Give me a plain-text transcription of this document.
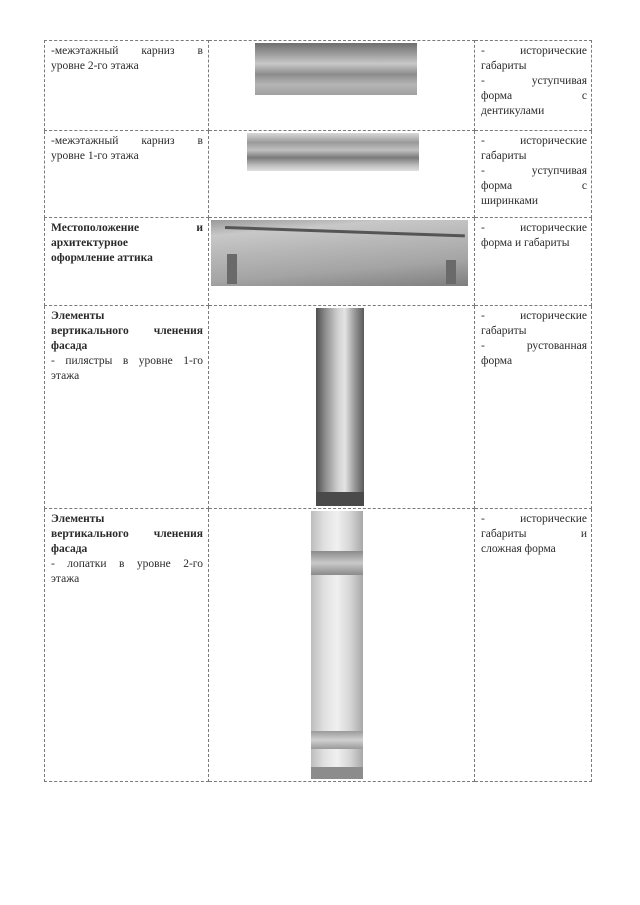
-межэтажный карниз в
уровне 2-го этажа		- исторические
габариты
- уступчивая
форма с
дентикулами

-межэтажный карниз в
уровне 1-го этажа		- исторические
габариты
- уступчивая
форма с
ширинками

Местоположение и
архитектурное
оформление аттика		- исторические
форма и габариты

Элементы
вертикального членения
фасада
- пилястры в уровне 1-го
этажа		- исторические
габариты
- рустованная
форма

Элементы
вертикального членения
фасада
- лопатки в уровне 2-го
этажа		- исторические
габариты и
сложная форма
